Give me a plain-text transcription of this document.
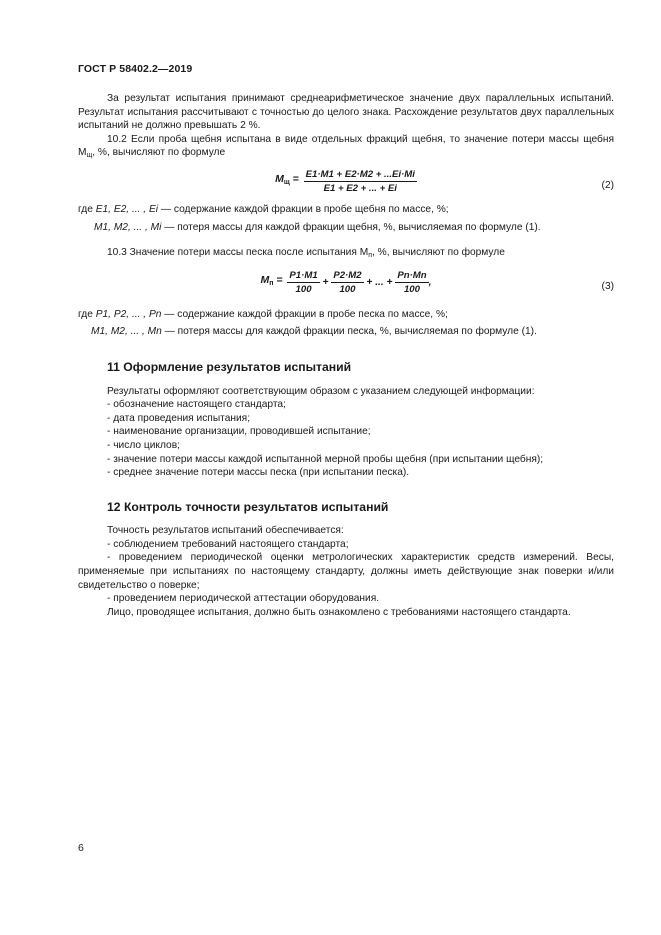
ГОСТ Р 58402.2—2019

За результат испытания принимают среднеарифметическое значение двух параллельных испытаний. Результат испытания рассчитывают с точностью до целого знака. Расхождение результатов двух параллельных испытаний не должно превышать 2 %.

10.2 Если проба щебня испытана в виде отдельных фракций щебня, то значение потери массы щебня $M_щ$, %, вычисляют по формуле

$M_щ = \frac{E1\cdot M1 + E2\cdot M2 + ...Ei\cdot Mi}{E1 + E2 + ... + Ei}$	(2)

где E1, E2, ... , Ei — содержание каждой фракции в пробе щебня по массе, %;

M1, M2, ... , Mi — потеря массы для каждой фракции щебня, %, вычисляемая по формуле (1).

10.3 Значение потери массы песка после испытания $M_п$, %, вычисляют по формуле

$M_п = \frac{P1\cdot M1}{100} + \frac{P2\cdot M2}{100}$ + ... + $\frac{Pn\cdot Mn}{100}$ ,	(3)

где P1, P2, ... , Pn — содержание каждой фракции в пробе песка по массе, %;

M1, M2, ... , Mn — потеря массы для каждой фракции песка, %, вычисляемая по формуле (1).

11 Оформление результатов испытаний

Результаты оформляют соответствующим образом с указанием следующей информации:

- обозначение настоящего стандарта;

- дата проведения испытания;

- наименование организации, проводившей испытание;

- число циклов;

- значение потери массы каждой испытанной мерной пробы щебня (при испытании щебня);

- среднее значение потери массы песка (при испытании песка).

12 Контроль точности результатов испытаний

Точность результатов испытаний обеспечивается:

- соблюдением требований настоящего стандарта;

- проведением периодической оценки метрологических характеристик средств измерений. Весы, применяемые при испытаниях по настоящему стандарту, должны иметь действующие знак поверки и/или свидетельство о поверке;

- проведением периодической аттестации оборудования.

Лицо, проводящее испытания, должно быть ознакомлено с требованиями настоящего стандарта.

6
